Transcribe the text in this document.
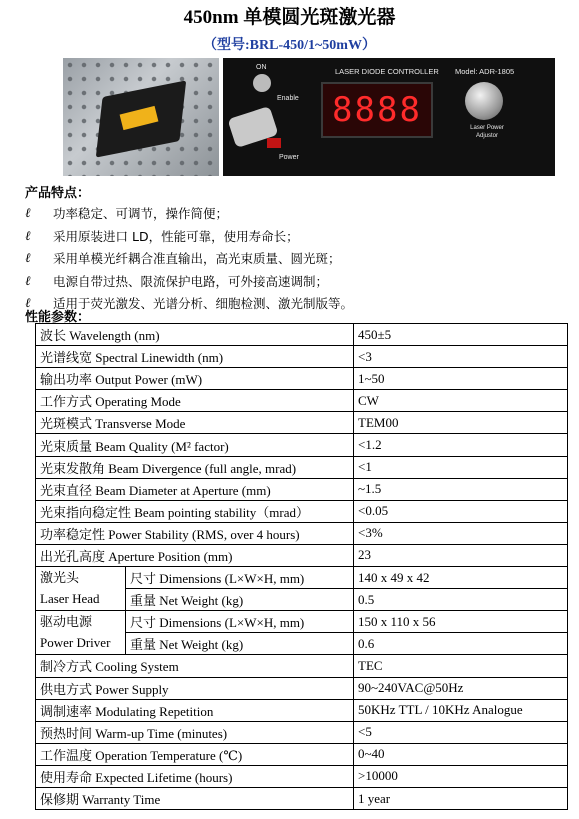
450nm 单模圆光斑激光器
（型号:BRL-450/1~50mW）
ON
Enable
Power
LASER DIODE CONTROLLER Model: ADR-1805
8888	Laser Power Adjustor
产品特点：
ℓ	功率稳定、可调节，操作简便；
ℓ	采用原装进口 LD，性能可靠，使用寿命长；
ℓ	采用单模光纤耦合准直输出，高光束质量、圆光斑；
ℓ	电源自带过热、限流保护电路，可外接高速调制；
ℓ	适用于荧光激发、光谱分析、细胞检测、激光制版等。
性能参数：
波长 Wavelength (nm)		450±5
光谱线宽 Spectral Linewidth (nm)		<3
输出功率 Output Power (mW)		1~50
工作方式 Operating Mode		CW
光斑模式 Transverse Mode		TEM00
光束质量 Beam Quality (M² factor)		<1.2
光束发散角 Beam Divergence (full angle, mrad)		<1
光束直径 Beam Diameter at Aperture (mm)		~1.5
光束指向稳定性 Beam pointing stability（mrad）		<0.05
功率稳定性 Power Stability (RMS, over 4 hours)		<3%
出光孔高度 Aperture Position (mm)		23

激光头
Laser Head	尺寸 Dimensions (L×W×H, mm)	140 x 49 x 42
	重量 Net Weight (kg)	0.5

驱动电源
Power Driver	尺寸 Dimensions (L×W×H, mm)	150 x 110 x 56
	重量 Net Weight (kg)	0.6
制冷方式 Cooling System		TEC
供电方式 Power Supply		90~240VAC@50Hz
调制速率 Modulating Repetition		50KHz TTL / 10KHz Analogue
预热时间 Warm-up Time (minutes)		<5
工作温度 Operation Temperature (℃)		0~40
使用寿命 Expected Lifetime (hours)		>10000
保修期 Warranty Time		1 year
